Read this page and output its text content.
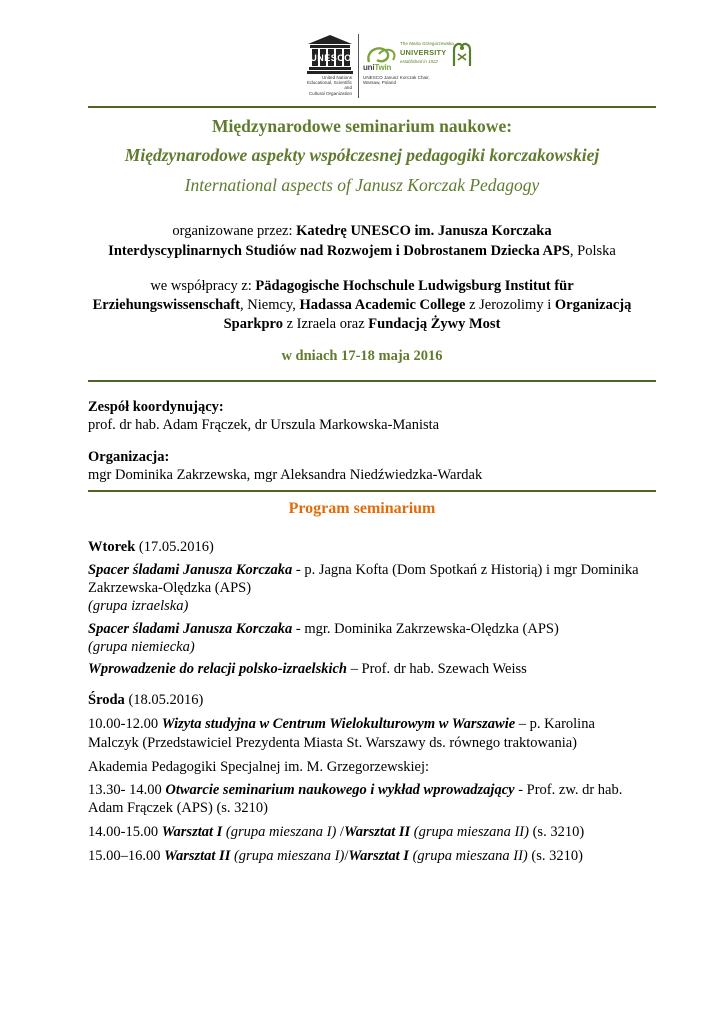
UNESCO
United Nations
Educational, Scientific and
Cultural Organization
uniTwin
UNESCO Janusz Korczak Chair,
Warsaw, Poland
The Maria Grzegorzewska
UNIVERSITY
established in 1922
Międzynarodowe seminarium naukowe:
Międzynarodowe aspekty współczesnej pedagogiki korczakowskiej
International aspects of Janusz Korczak Pedagogy
organizowane przez: Katedrę UNESCO im. Janusza Korczaka
Interdyscyplinarnych Studiów nad Rozwojem i Dobrostanem Dziecka APS, Polska
we współpracy z: Pädagogische Hochschule Ludwigsburg Institut für
Erziehungswissenschaft, Niemcy, Hadassa Academic College z Jerozolimy i Organizacją
Sparkpro z Izraela oraz Fundacją Żywy Most
w dniach 17-18 maja 2016
Zespół koordynujący:
prof. dr hab. Adam Frączek, dr Urszula Markowska-Manista
Organizacja:
mgr Dominika Zakrzewska, mgr Aleksandra Niedźwiedzka-Wardak
Program seminarium
Wtorek (17.05.2016)
Spacer śladami Janusza Korczaka - p. Jagna Kofta (Dom Spotkań z Historią) i mgr Dominika
Zakrzewska-Olędzka (APS)
(grupa izraelska)
Spacer śladami Janusza Korczaka - mgr. Dominika Zakrzewska-Olędzka (APS)
(grupa niemiecka)
Wprowadzenie do relacji polsko-izraelskich – Prof. dr hab. Szewach Weiss
Środa (18.05.2016)
10.00-12.00 Wizyta studyjna w Centrum Wielokulturowym w Warszawie – p. Karolina
Malczyk (Przedstawiciel Prezydenta Miasta St. Warszawy ds. równego traktowania)
Akademia Pedagogiki Specjalnej im. M. Grzegorzewskiej:
13.30- 14.00 Otwarcie seminarium naukowego i wykład wprowadzający - Prof. zw. dr hab.
Adam Frączek (APS) (s. 3210)
14.00-15.00 Warsztat I (grupa mieszana I) /Warsztat II (grupa mieszana II) (s. 3210)
15.00–16.00 Warsztat II (grupa mieszana I)/Warsztat I (grupa mieszana II) (s. 3210)
